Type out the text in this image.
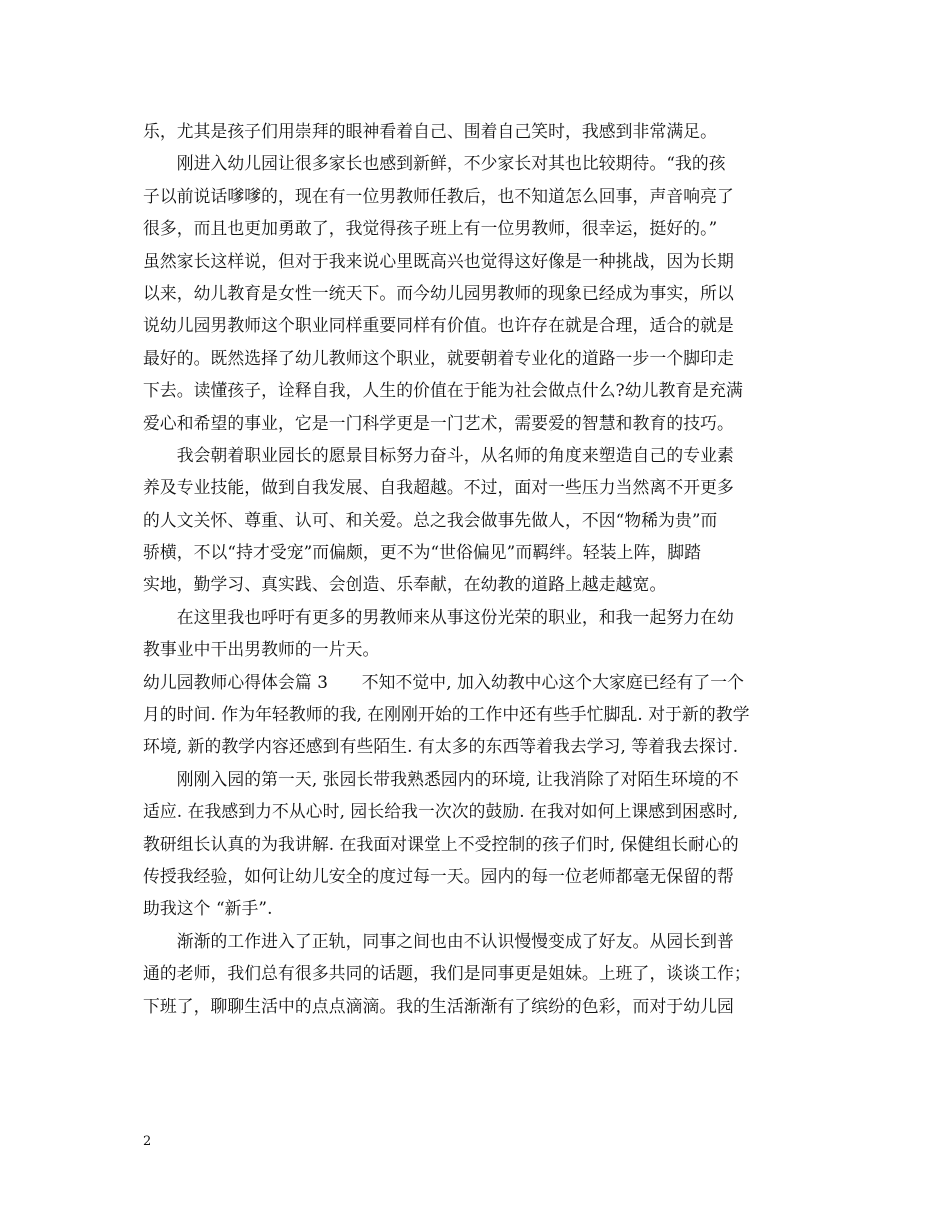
乐，尤其是孩子们用崇拜的眼神看着自己、围着自己笑时，我感到非常满足。
　　刚进入幼儿园让很多家长也感到新鲜，不少家长对其也比较期待。“我的孩
子以前说话嗲嗲的，现在有一位男教师任教后，也不知道怎么回事，声音响亮了
很多，而且也更加勇敢了，我觉得孩子班上有一位男教师，很幸运，挺好的。”
虽然家长这样说，但对于我来说心里既高兴也觉得这好像是一种挑战，因为长期
以来，幼儿教育是女性一统天下。而今幼儿园男教师的现象已经成为事实，所以
说幼儿园男教师这个职业同样重要同样有价值。也许存在就是合理，适合的就是
最好的。既然选择了幼儿教师这个职业，就要朝着专业化的道路一步一个脚印走
下去。读懂孩子，诠释自我，人生的价值在于能为社会做点什么?幼儿教育是充满
爱心和希望的事业，它是一门科学更是一门艺术，需要爱的智慧和教育的技巧。
　　我会朝着职业园长的愿景目标努力奋斗，从名师的角度来塑造自己的专业素
养及专业技能，做到自我发展、自我超越。不过，面对一些压力当然离不开更多
的人文关怀、尊重、认可、和关爱。总之我会做事先做人，不因“物稀为贵”而
骄横，不以“持才受宠”而偏颇，更不为“世俗偏见”而羁绊。轻装上阵，脚踏
实地，勤学习、真实践、会创造、乐奉献，在幼教的道路上越走越宽。
　　在这里我也呼吁有更多的男教师来从事这份光荣的职业，和我一起努力在幼
教事业中干出男教师的一片天。
幼儿园教师心得体会篇 3　　不知不觉中, 加入幼教中心这个大家庭已经有了一个
月的时间. 作为年轻教师的我, 在刚刚开始的工作中还有些手忙脚乱. 对于新的教学
环境, 新的教学内容还感到有些陌生. 有太多的东西等着我去学习, 等着我去探讨.
　　刚刚入园的第一天, 张园长带我熟悉园内的环境, 让我消除了对陌生环境的不
适应. 在我感到力不从心时, 园长给我一次次的鼓励. 在我对如何上课感到困惑时,
教研组长认真的为我讲解. 在我面对课堂上不受控制的孩子们时, 保健组长耐心的
传授我经验，如何让幼儿安全的度过每一天。园内的每一位老师都毫无保留的帮
助我这个 “新手”.
　　渐渐的工作进入了正轨，同事之间也由不认识慢慢变成了好友。从园长到普
通的老师，我们总有很多共同的话题，我们是同事更是姐妹。上班了，谈谈工作；
下班了，聊聊生活中的点点滴滴。我的生活渐渐有了缤纷的色彩，而对于幼儿园
2
